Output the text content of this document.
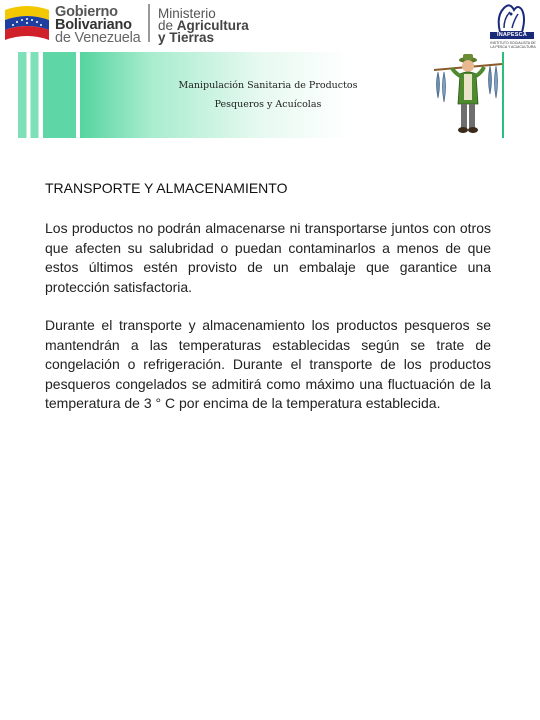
Gobierno
Bolivariano
de Venezuela
Ministerio
de Agricultura
y Tierras	INAPESCA
INSTITUTO SOCIALISTA DE LA PESCA Y ACUICULTURA
Manipulación Sanitaria de Productos
Pesqueros y Acuícolas
TRANSPORTE Y ALMACENAMIENTO

Los productos no podrán almacenarse ni transportarse juntos con otros que afecten su salubridad o puedan contaminarlos a menos de que estos últimos estén provisto de un embalaje que garantice una protección satisfactoria.

Durante el transporte y almacenamiento los productos pesqueros se mantendrán a las temperaturas establecidas según se trate de congelación o refrigeración. Durante el transporte de los productos pesqueros congelados se admitirá como máximo una fluctuación de la temperatura de 3 ° C por encima de la temperatura establecida.
